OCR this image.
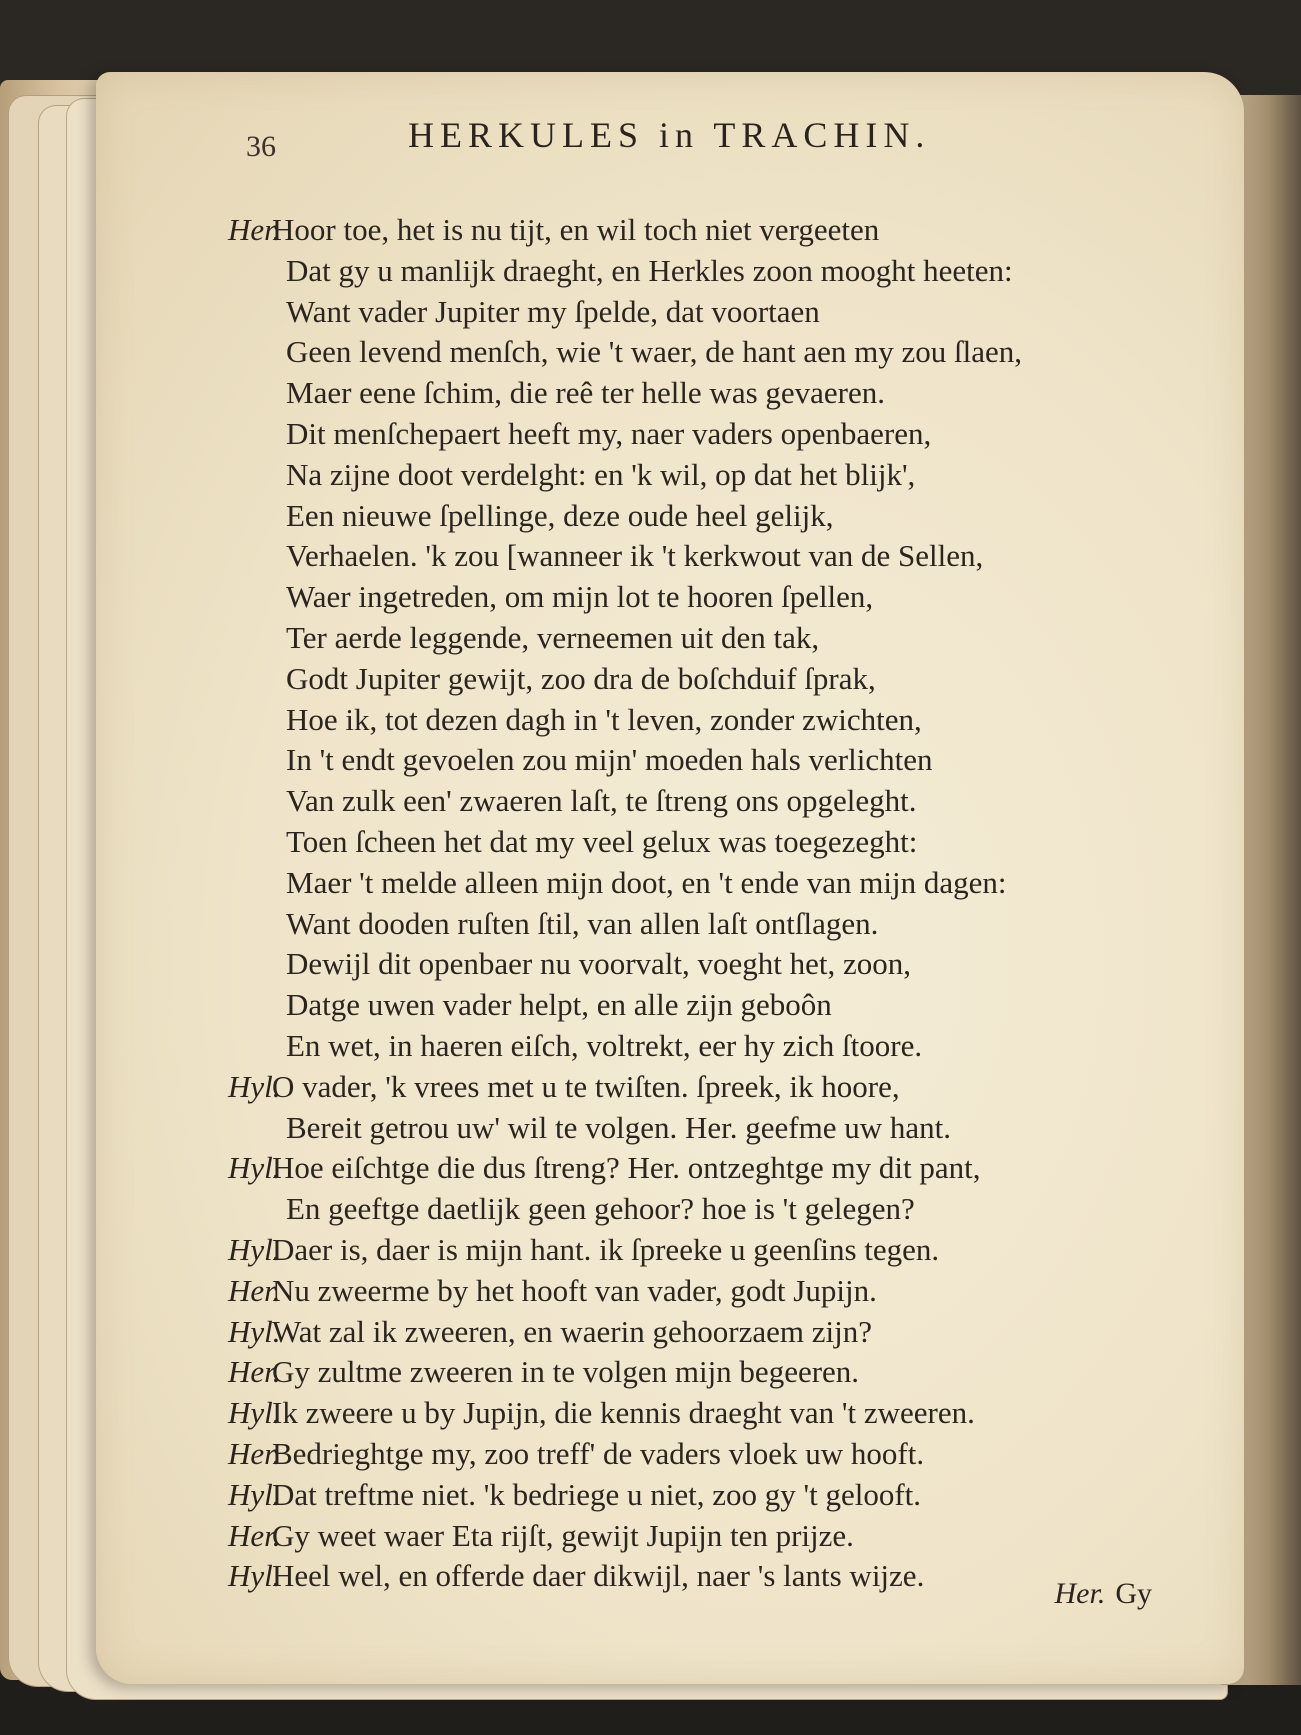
36	HERKULES in TRACHIN.
Her.Hoor toe, het is nu tijt, en wil toch niet vergeeten
Dat gy u manlijk draeght, en Herkles zoon mooght heeten:
Want vader Jupiter my ſpelde, dat voortaen
Geen levend menſch, wie 't waer, de hant aen my zou ſlaen,
Maer eene ſchim, die reê ter helle was gevaeren.
Dit menſchepaert heeft my, naer vaders openbaeren,
Na zijne doot verdelght: en 'k wil, op dat het blijk',
Een nieuwe ſpellinge, deze oude heel gelijk,
Verhaelen. 'k zou [wanneer ik 't kerkwout van de Sellen,
Waer ingetreden, om mijn lot te hooren ſpellen,
Ter aerde leggende, verneemen uit den tak,
Godt Jupiter gewijt, zoo dra de boſchduif ſprak,
Hoe ik, tot dezen dagh in 't leven, zonder zwichten,
In 't endt gevoelen zou mijn' moeden hals verlichten
Van zulk een' zwaeren laſt, te ſtreng ons opgeleght.
Toen ſcheen het dat my veel gelux was toegezeght:
Maer 't melde alleen mijn doot, en 't ende van mijn dagen:
Want dooden ruſten ſtil, van allen laſt ontſlagen.
Dewijl dit openbaer nu voorvalt, voeght het, zoon,
Datge uwen vader helpt, en alle zijn geboôn
En wet, in haeren eiſch, voltrekt, eer hy zich ſtoore.
Hyl.O vader, 'k vrees met u te twiſten. ſpreek, ik hoore,
Bereit getrou uw' wil te volgen. Her. geefme uw hant.
Hyl.Hoe eiſchtge die dus ſtreng? Her. ontzeghtge my dit pant,
En geeftge daetlijk geen gehoor? hoe is 't gelegen?
Hyl.Daer is, daer is mijn hant. ik ſpreeke u geenſins tegen.
Her.Nu zweerme by het hooft van vader, godt Jupijn.
Hyl.Wat zal ik zweeren, en waerin gehoorzaem zijn?
Her.Gy zultme zweeren in te volgen mijn begeeren.
Hyl.Ik zweere u by Jupijn, die kennis draeght van 't zweeren.
Her.Bedrieghtge my, zoo treff' de vaders vloek uw hooft.
Hyl.Dat treftme niet. 'k bedriege u niet, zoo gy 't gelooft.
Her.Gy weet waer Eta rijſt, gewijt Jupijn ten prijze.
Hyl.Heel wel, en offerde daer dikwijl, naer 's lants wijze.
Her. Gy
